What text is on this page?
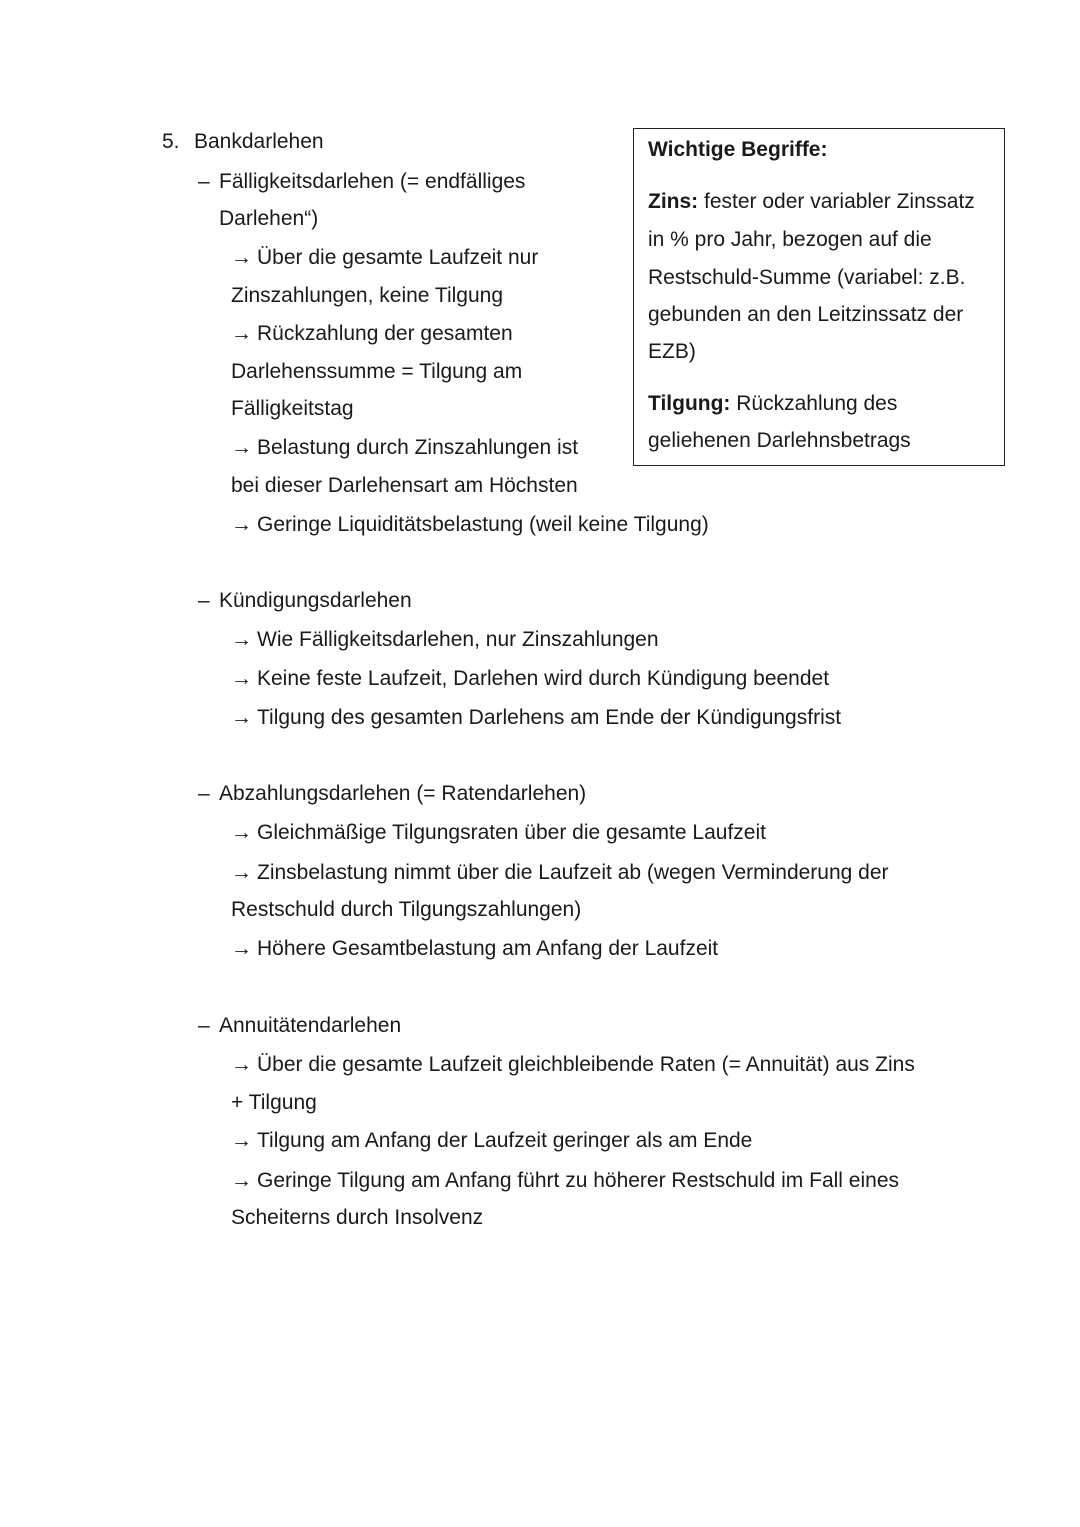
5. Bankdarlehen	Wichtige Begriffe:
Zins: fester oder variabler Zinssatz
in % pro Jahr, bezogen auf die
Restschuld-Summe (variabel: z.B.
gebunden an den Leitzinssatz der
EZB)
Tilgung: Rückzahlung des
geliehenen Darlehnsbetrags
– Fälligkeitsdarlehen (= endfälliges
Darlehen“)
→ Über die gesamte Laufzeit nur
Zinszahlungen, keine Tilgung
→ Rückzahlung der gesamten
Darlehenssumme = Tilgung am
Fälligkeitstag
→ Belastung durch Zinszahlungen ist
bei dieser Darlehensart am Höchsten
→ Geringe Liquiditätsbelastung (weil keine Tilgung)
– Kündigungsdarlehen
→ Wie Fälligkeitsdarlehen, nur Zinszahlungen
→ Keine feste Laufzeit, Darlehen wird durch Kündigung beendet
→ Tilgung des gesamten Darlehens am Ende der Kündigungsfrist
– Abzahlungsdarlehen (= Ratendarlehen)
→ Gleichmäßige Tilgungsraten über die gesamte Laufzeit
→ Zinsbelastung nimmt über die Laufzeit ab (wegen Verminderung der
Restschuld durch Tilgungszahlungen)
→ Höhere Gesamtbelastung am Anfang der Laufzeit
– Annuitätendarlehen
→ Über die gesamte Laufzeit gleichbleibende Raten (= Annuität) aus Zins
+ Tilgung
→ Tilgung am Anfang der Laufzeit geringer als am Ende
→ Geringe Tilgung am Anfang führt zu höherer Restschuld im Fall eines
Scheiterns durch Insolvenz
